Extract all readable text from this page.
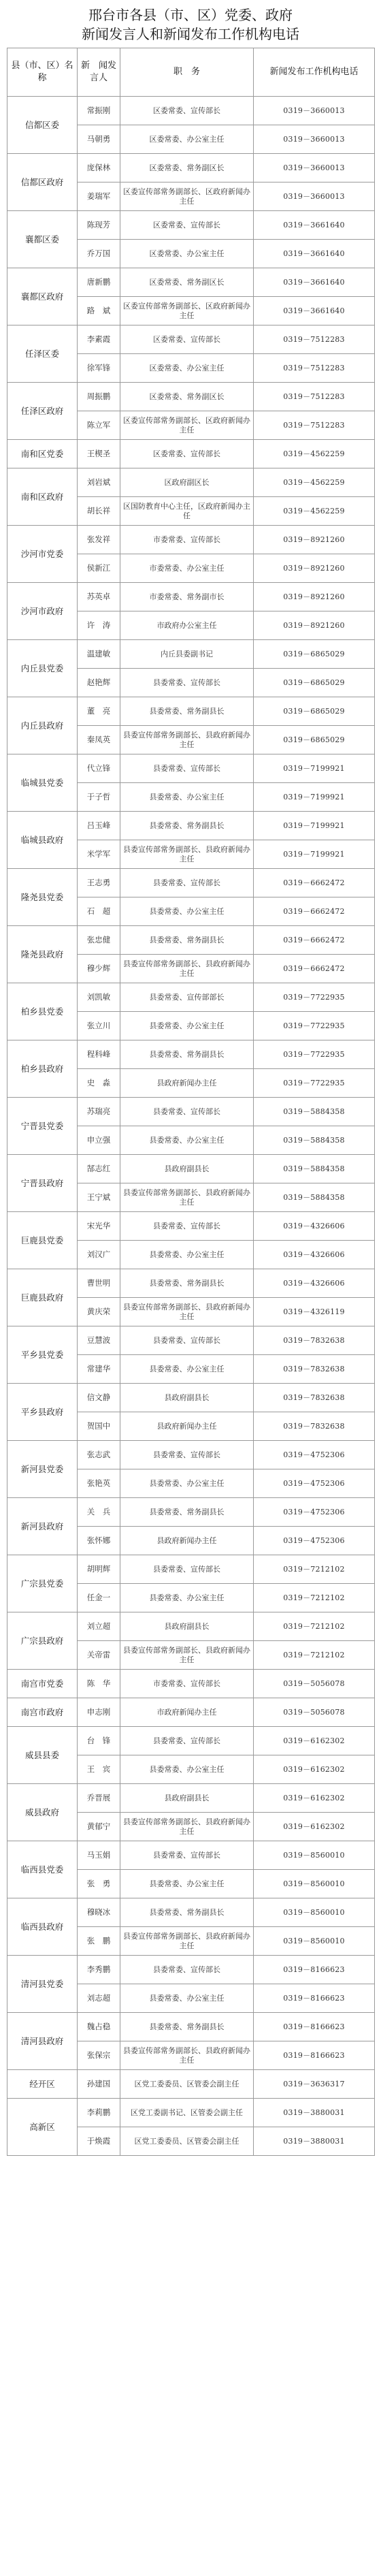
邢台市各县（市、区）党委、政府
新闻发言人和新闻发布工作机构电话
县（市、区）名称	新　闻发言人	职　务	新闻发布工作机构电话
信都区委	常振刚	区委常委、宣传部长	0319－3660013
	马朝勇	区委常委、办公室主任	0319－3660013
信都区政府	庞保林	区委常委、常务副区长	0319－3660013
	姜瑞军	区委宣传部常务副部长、区政府新闻办主任	0319－3660013
襄都区委	陈现芳	区委常委、宣传部长	0319－3661640
	乔万国	区委常委、办公室主任	0319－3661640
襄都区政府	唐新鹏	区委常委、常务副区长	0319－3661640
	路　斌	区委宣传部常务副部长、区政府新闻办主任	0319－3661640
任泽区委	李素霞	区委常委、宣传部长	0319－7512283
	徐军锋	区委常委、办公室主任	0319－7512283
任泽区政府	周振鹏	区委常委、常务副区长	0319－7512283
	陈立军	区委宣传部常务副部长、区政府新闻办主任	0319－7512283
南和区党委	王楔圣	区委常委、宣传部长	0319－4562259
南和区政府	刘岩斌	区政府副区长	0319－4562259
	胡长祥	区国防教育中心主任，区政府新闻办主任	0319－4562259
沙河市党委	张发祥	市委常委、宣传部长	0319－8921260
	侯新江	市委常委、办公室主任	0319－8921260
沙河市政府	苏英卓	市委常委、常务副市长	0319－8921260
	许　涛	市政府办公室主任	0319－8921260
内丘县党委	温建敏	内丘县委副书记	0319－6865029
	赵艳辉	县委常委、宣传部长	0319－6865029
内丘县政府	董　亮	县委常委、常务副县长	0319－6865029
	秦凤英	县委宣传部常务副部长、县政府新闻办主任	0319－6865029
临城县党委	代立锋	县委常委、宣传部长	0319－7199921
	于子哲	县委常委、办公室主任	0319－7199921
临城县政府	吕玉峰	县委常委、常务副县长	0319－7199921
	米学军	县委宣传部常务副部长、县政府新闻办主任	0319－7199921
隆尧县党委	王志勇	县委常委、宣传部长	0319－6662472
	石　超	县委常委、办公室主任	0319－6662472
隆尧县政府	张忠健	县委常委、常务副县长	0319－6662472
	穆少辉	县委宣传部常务副部长、县政府新闻办主任	0319－6662472
柏乡县党委	刘凯敏	县委常委、宣传部部长	0319－7722935
	张立川	县委常委、办公室主任	0319－7722935
柏乡县政府	程科峰	县委常委、常务副县长	0319－7722935
	史　淼	县政府新闻办主任	0319－7722935
宁晋县党委	苏瑞亮	县委常委、宣传部长	0319－5884358
	申立强	县委常委、办公室主任	0319－5884358
宁晋县政府	郜志红	县政府副县长	0319－5884358
	王宁斌	县委宣传部常务副部长、县政府新闻办主任	0319－5884358
巨鹿县党委	宋光华	县委常委、宣传部长	0319－4326606
	刘汉广	县委常委、办公室主任	0319－4326606
巨鹿县政府	曹世明	县委常委、常务副县长	0319－4326606
	黄庆荣	县委宣传部常务副部长、县政府新闻办主任	0319－4326119
平乡县党委	豆慧波	县委常委、宣传部长	0319－7832638
	常建华	县委常委、办公室主任	0319－7832638
平乡县政府	信文静	县政府副县长	0319－7832638
	贺国中	县政府新闻办主任	0319－7832638
新河县党委	张志武	县委常委、宣传部长	0319－4752306
	张艳英	县委常委、办公室主任	0319－4752306
新河县政府	关　兵	县委常委、常务副县长	0319－4752306
	张怀娜	县政府新闻办主任	0319－4752306
广宗县党委	胡明辉	县委常委、宣传部长	0319－7212102
	任金一	县委常委、办公室主任	0319－7212102
广宗县政府	刘立超	县政府副县长	0319－7212102
	关帝雷	县委宣传部常务副部长、县政府新闻办主任	0319－7212102
南宫市党委	陈　华	市委常委、宣传部长	0319－5056078
南宫市政府	申志刚	市政府新闻办主任	0319－5056078
威县县委	台　锋	县委常委、宣传部长	0319－6162302
	王　宾	县委常委、办公室主任	0319－6162302
威县政府	乔晋展	县政府副县长	0319－6162302
	黄郁宁	县委宣传部常务副部长、县政府新闻办主任	0319－6162302
临西县党委	马玉娟	县委常委、宣传部长	0319－8560010
	张　勇	县委常委、办公室主任	0319－8560010
临西县政府	穆晓冰	县委常委、常务副县长	0319－8560010
	张　鹏	县委宣传部常务副部长、县政府新闻办主任	0319－8560010
清河县党委	李秀鹏	县委常委、宣传部长	0319－8166623
	刘志超	县委常委、办公室主任	0319－8166623
清河县政府	魏占稳	县委常委、常务副县长	0319－8166623
	张保宗	县委宣传部常务副部长、县政府新闻办主任	0319－8166623
经开区	孙建国	区党工委委员、区管委会副主任	0319－3636317
高新区	李莉鹏	区党工委副书记、区管委会副主任	0319－3880031
	于焕霞	区党工委委员、区管委会副主任	0319－3880031
